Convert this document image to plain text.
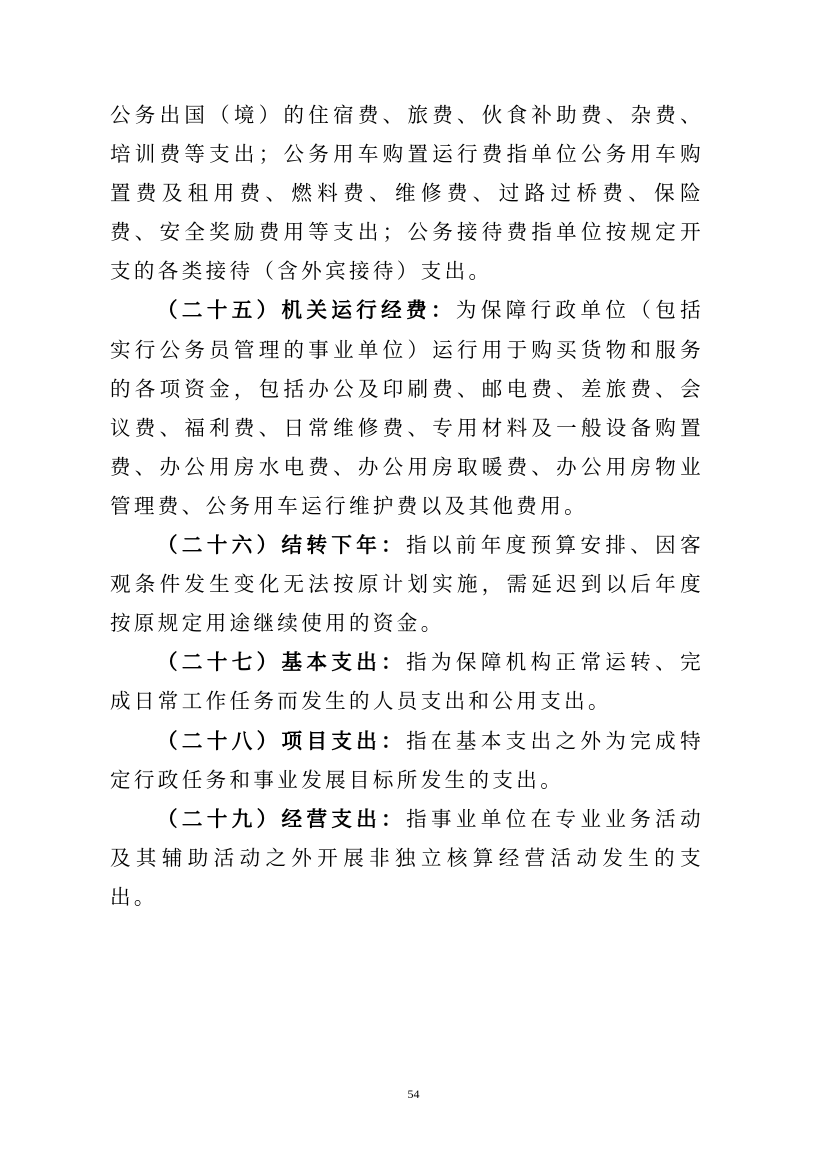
公务出国（境）的住宿费、旅费、伙食补助费、杂费、培训费等支出；公务用车购置运行费指单位公务用车购置费及租用费、燃料费、维修费、过路过桥费、保险费、安全奖励费用等支出；公务接待费指单位按规定开支的各类接待（含外宾接待）支出。

（二十五）机关运行经费：为保障行政单位（包括实行公务员管理的事业单位）运行用于购买货物和服务的各项资金，包括办公及印刷费、邮电费、差旅费、会议费、福利费、日常维修费、专用材料及一般设备购置费、办公用房水电费、办公用房取暖费、办公用房物业管理费、公务用车运行维护费以及其他费用。

（二十六）结转下年：指以前年度预算安排、因客观条件发生变化无法按原计划实施，需延迟到以后年度按原规定用途继续使用的资金。

（二十七）基本支出：指为保障机构正常运转、完成日常工作任务而发生的人员支出和公用支出。

（二十八）项目支出：指在基本支出之外为完成特定行政任务和事业发展目标所发生的支出。

（二十九）经营支出：指事业单位在专业业务活动及其辅助活动之外开展非独立核算经营活动发生的支出。

54
